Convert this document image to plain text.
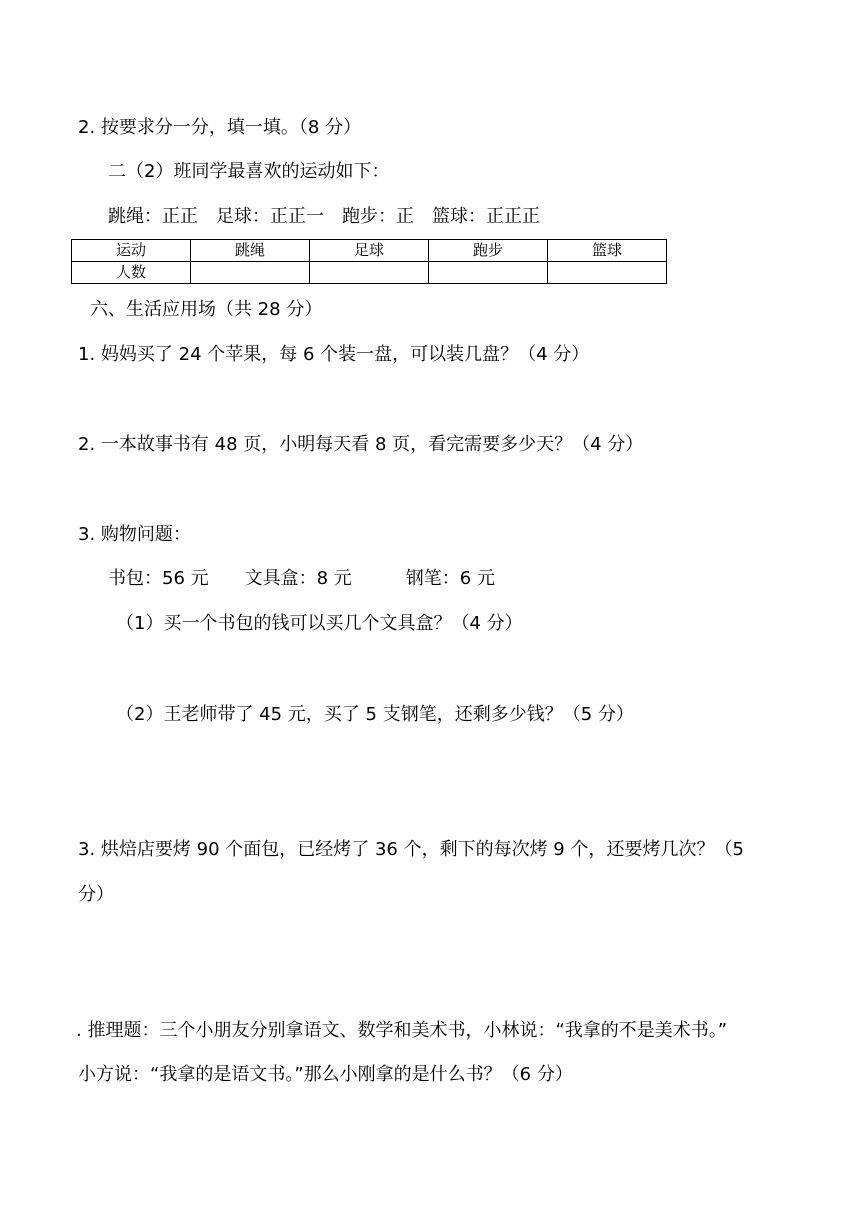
2. 按要求分一分，填一填。（8 分）
二（2）班同学最喜欢的运动如下：
跳绳：正正　足球：正正一　跑步：正　篮球：正正正
运动	跳绳	足球	跑步	篮球
人数				
六、生活应用场（共 28 分）
1. 妈妈买了 24 个苹果，每 6 个装一盘，可以装几盘？（4 分）
2. 一本故事书有 48 页，小明每天看 8 页，看完需要多少天？（4 分）
3. 购物问题：
书包：56 元　　文具盒：8 元　　　钢笔：6 元
（1）买一个书包的钱可以买几个文具盒？（4 分）
（2）王老师带了 45 元，买了 5 支钢笔，还剩多少钱？（5 分）
3. 烘焙店要烤 90 个面包，已经烤了 36 个，剩下的每次烤 9 个，还要烤几次？（5
分）
. 推理题：三个小朋友分别拿语文、数学和美术书，小林说：“我拿的不是美术书。”
小方说：“我拿的是语文书。”那么小刚拿的是什么书？（6 分）
